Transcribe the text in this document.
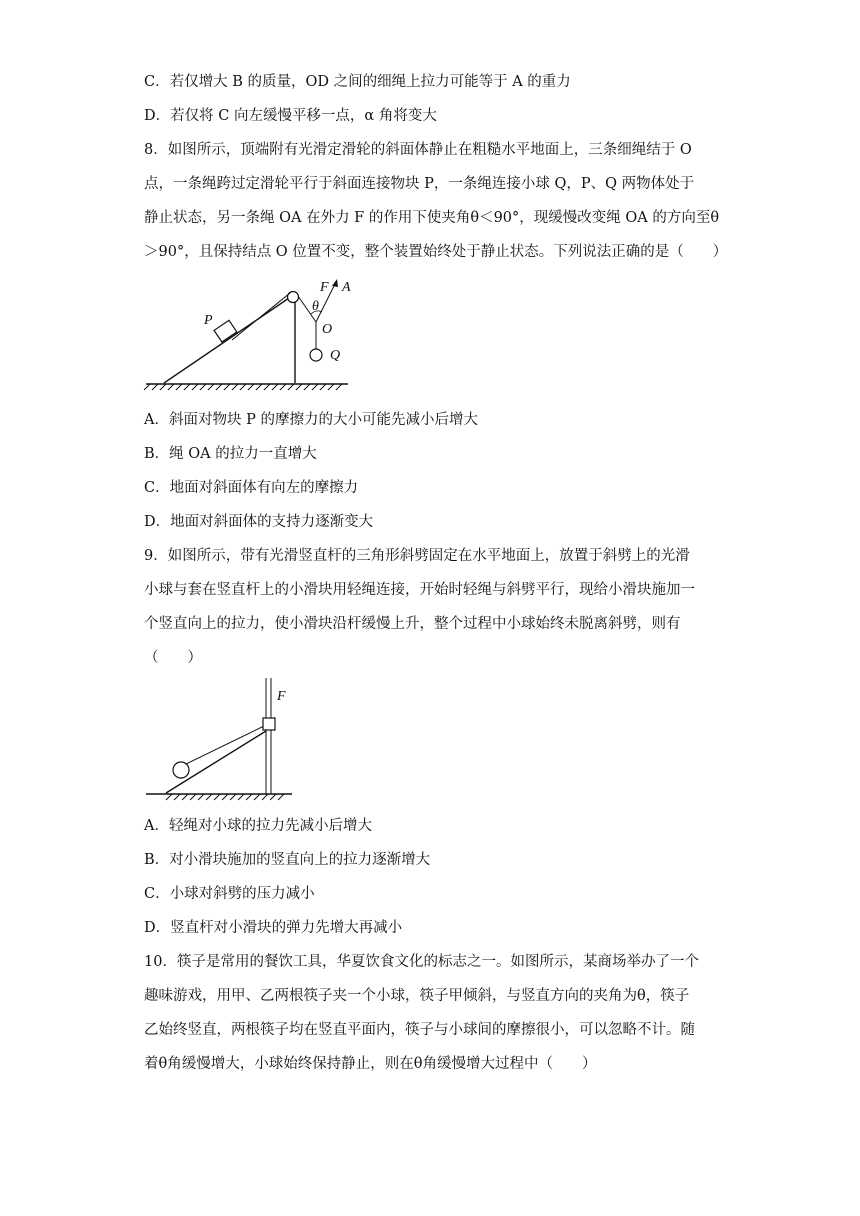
C．若仅增大 B 的质量，OD 之间的细绳上拉力可能等于 A 的重力
D．若仅将 C 向左缓慢平移一点，α 角将变大
8．如图所示，顶端附有光滑定滑轮的斜面体静止在粗糙水平地面上，三条细绳结于 O
点，一条绳跨过定滑轮平行于斜面连接物块 P，一条绳连接小球 Q，P、Q 两物体处于
静止状态，另一条绳 OA 在外力 F 的作用下使夹角θ＜90°，现缓慢改变绳 OA 的方向至θ
＞90°，且保持结点 O 位置不变，整个装置始终处于静止状态。下列说法正确的是（　　）
P
F A
θ
O
Q
A．斜面对物块 P 的摩擦力的大小可能先减小后增大
B．绳 OA 的拉力一直增大
C．地面对斜面体有向左的摩擦力
D．地面对斜面体的支持力逐渐变大
9．如图所示，带有光滑竖直杆的三角形斜劈固定在水平地面上，放置于斜劈上的光滑
小球与套在竖直杆上的小滑块用轻绳连接，开始时轻绳与斜劈平行，现给小滑块施加一
个竖直向上的拉力，使小滑块沿杆缓慢上升，整个过程中小球始终未脱离斜劈，则有
（　　）
F
A．轻绳对小球的拉力先减小后增大
B．对小滑块施加的竖直向上的拉力逐渐增大
C．小球对斜劈的压力减小
D．竖直杆对小滑块的弹力先增大再减小
10．筷子是常用的餐饮工具，华夏饮食文化的标志之一。如图所示，某商场举办了一个
趣味游戏，用甲、乙两根筷子夹一个小球，筷子甲倾斜，与竖直方向的夹角为θ，筷子
乙始终竖直，两根筷子均在竖直平面内，筷子与小球间的摩擦很小，可以忽略不计。随
着θ角缓慢增大，小球始终保持静止，则在θ角缓慢增大过程中（　　）
